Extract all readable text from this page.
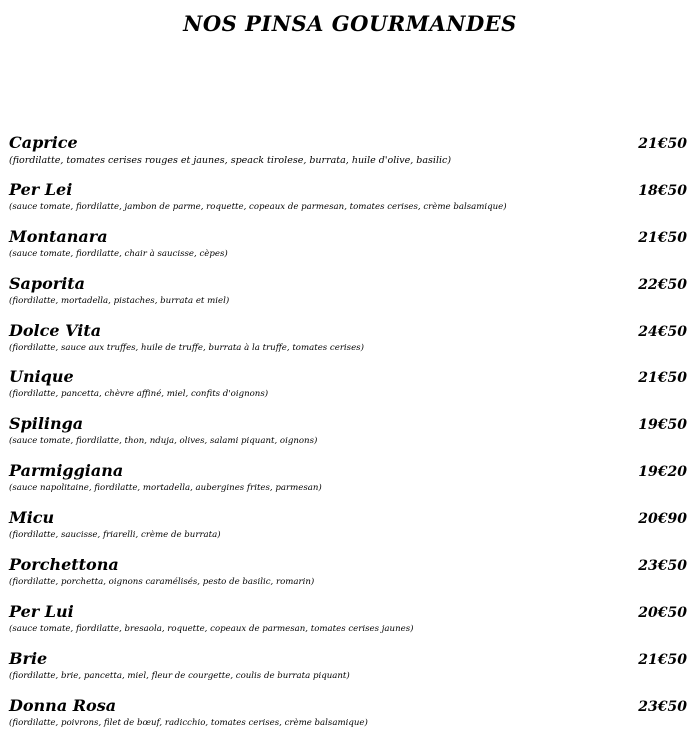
NOS PINSA GOURMANDES
Caprice	21€50
(fiordilatte, tomates cerises rouges et jaunes, speack tirolese, burrata, huile d'olive, basilic)
Per Lei	18€50
(sauce tomate, fiordilatte, jambon de parme, roquette, copeaux de parmesan, tomates cerises, crème balsamique)
Montanara	21€50
(sauce tomate, fiordilatte, chair à saucisse, cèpes)
Saporita	22€50
(fiordilatte, mortadella, pistaches, burrata et miel)
Dolce Vita	24€50
(fiordilatte, sauce aux truffes, huile de truffe, burrata à la truffe, tomates cerises)
Unique	21€50
(fiordilatte, pancetta, chèvre affiné, miel, confits d'oignons)
Spilinga	19€50
(sauce tomate, fiordilatte, thon, nduja, olives, salami piquant, oignons)
Parmiggiana	19€20
(sauce napolitaine, fiordilatte, mortadella, aubergines frites, parmesan)
Micu	20€90
(fiordilatte, saucisse, friarelli, crème de burrata)
Porchettona	23€50
(fiordilatte, porchetta, oignons caramélisés, pesto de basilic, romarin)
Per Lui	20€50
(sauce tomate, fiordilatte, bresaola, roquette, copeaux de parmesan, tomates cerises jaunes)
Brie	21€50
(fiordilatte, brie, pancetta, miel, fleur de courgette, coulis de burrata piquant)
Donna Rosa	23€50
(fiordilatte, poivrons, filet de bœuf, radicchio, tomates cerises, crème balsamique)
